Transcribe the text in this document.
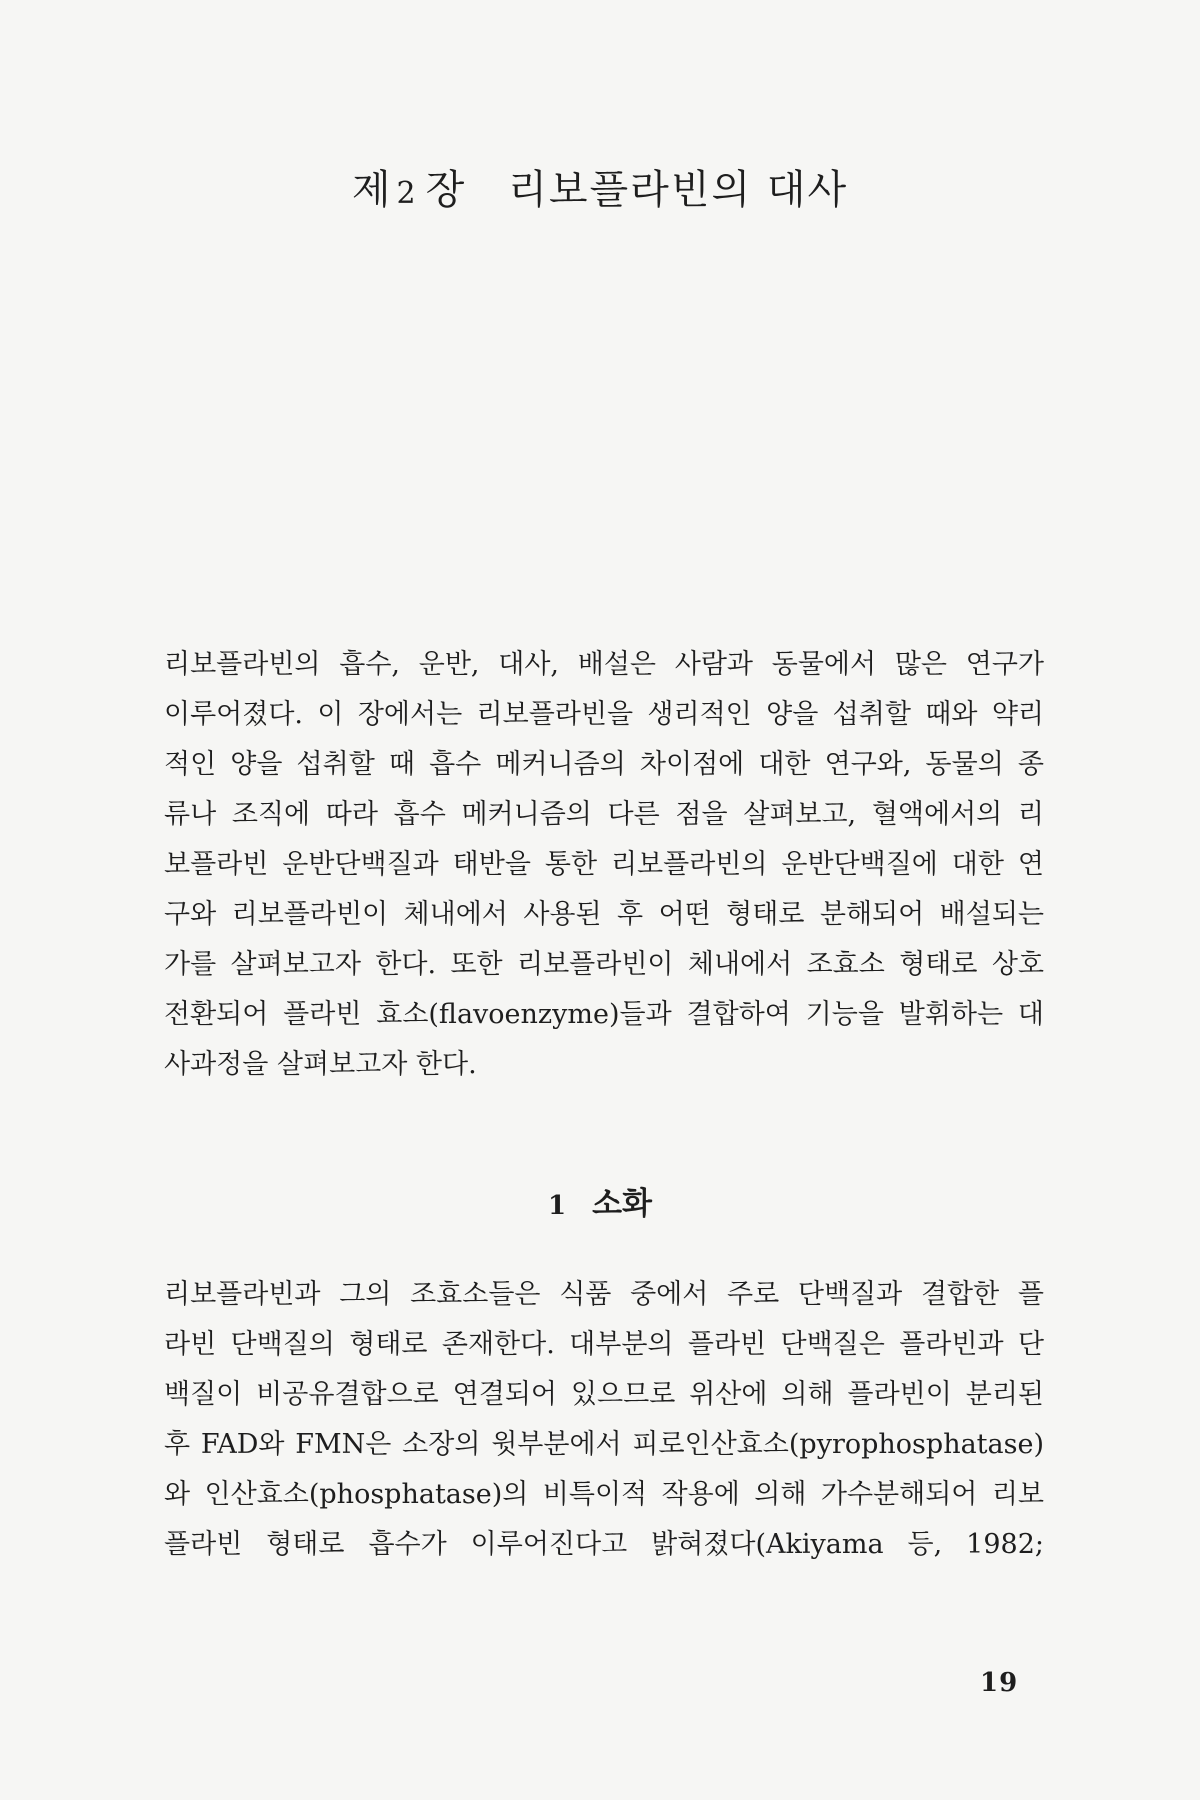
제 2 장 리보플라빈의 대사

리보플라빈의 흡수, 운반, 대사, 배설은 사람과 동물에서 많은 연구가
이루어졌다. 이 장에서는 리보플라빈을 생리적인 양을 섭취할 때와 약리
적인 양을 섭취할 때 흡수 메커니즘의 차이점에 대한 연구와, 동물의 종
류나 조직에 따라 흡수 메커니즘의 다른 점을 살펴보고, 혈액에서의 리
보플라빈 운반단백질과 태반을 통한 리보플라빈의 운반단백질에 대한 연
구와 리보플라빈이 체내에서 사용된 후 어떤 형태로 분해되어 배설되는
가를 살펴보고자 한다. 또한 리보플라빈이 체내에서 조효소 형태로 상호
전환되어 플라빈 효소(flavoenzyme)들과 결합하여 기능을 발휘하는 대
사과정을 살펴보고자 한다.

1 소화

리보플라빈과 그의 조효소들은 식품 중에서 주로 단백질과 결합한 플
라빈 단백질의 형태로 존재한다. 대부분의 플라빈 단백질은 플라빈과 단
백질이 비공유결합으로 연결되어 있으므로 위산에 의해 플라빈이 분리된
후 FAD와 FMN은 소장의 윗부분에서 피로인산효소(pyrophosphatase)
와 인산효소(phosphatase)의 비특이적 작용에 의해 가수분해되어 리보
플라빈 형태로 흡수가 이루어진다고 밝혀졌다(Akiyama 등, 1982;

19
